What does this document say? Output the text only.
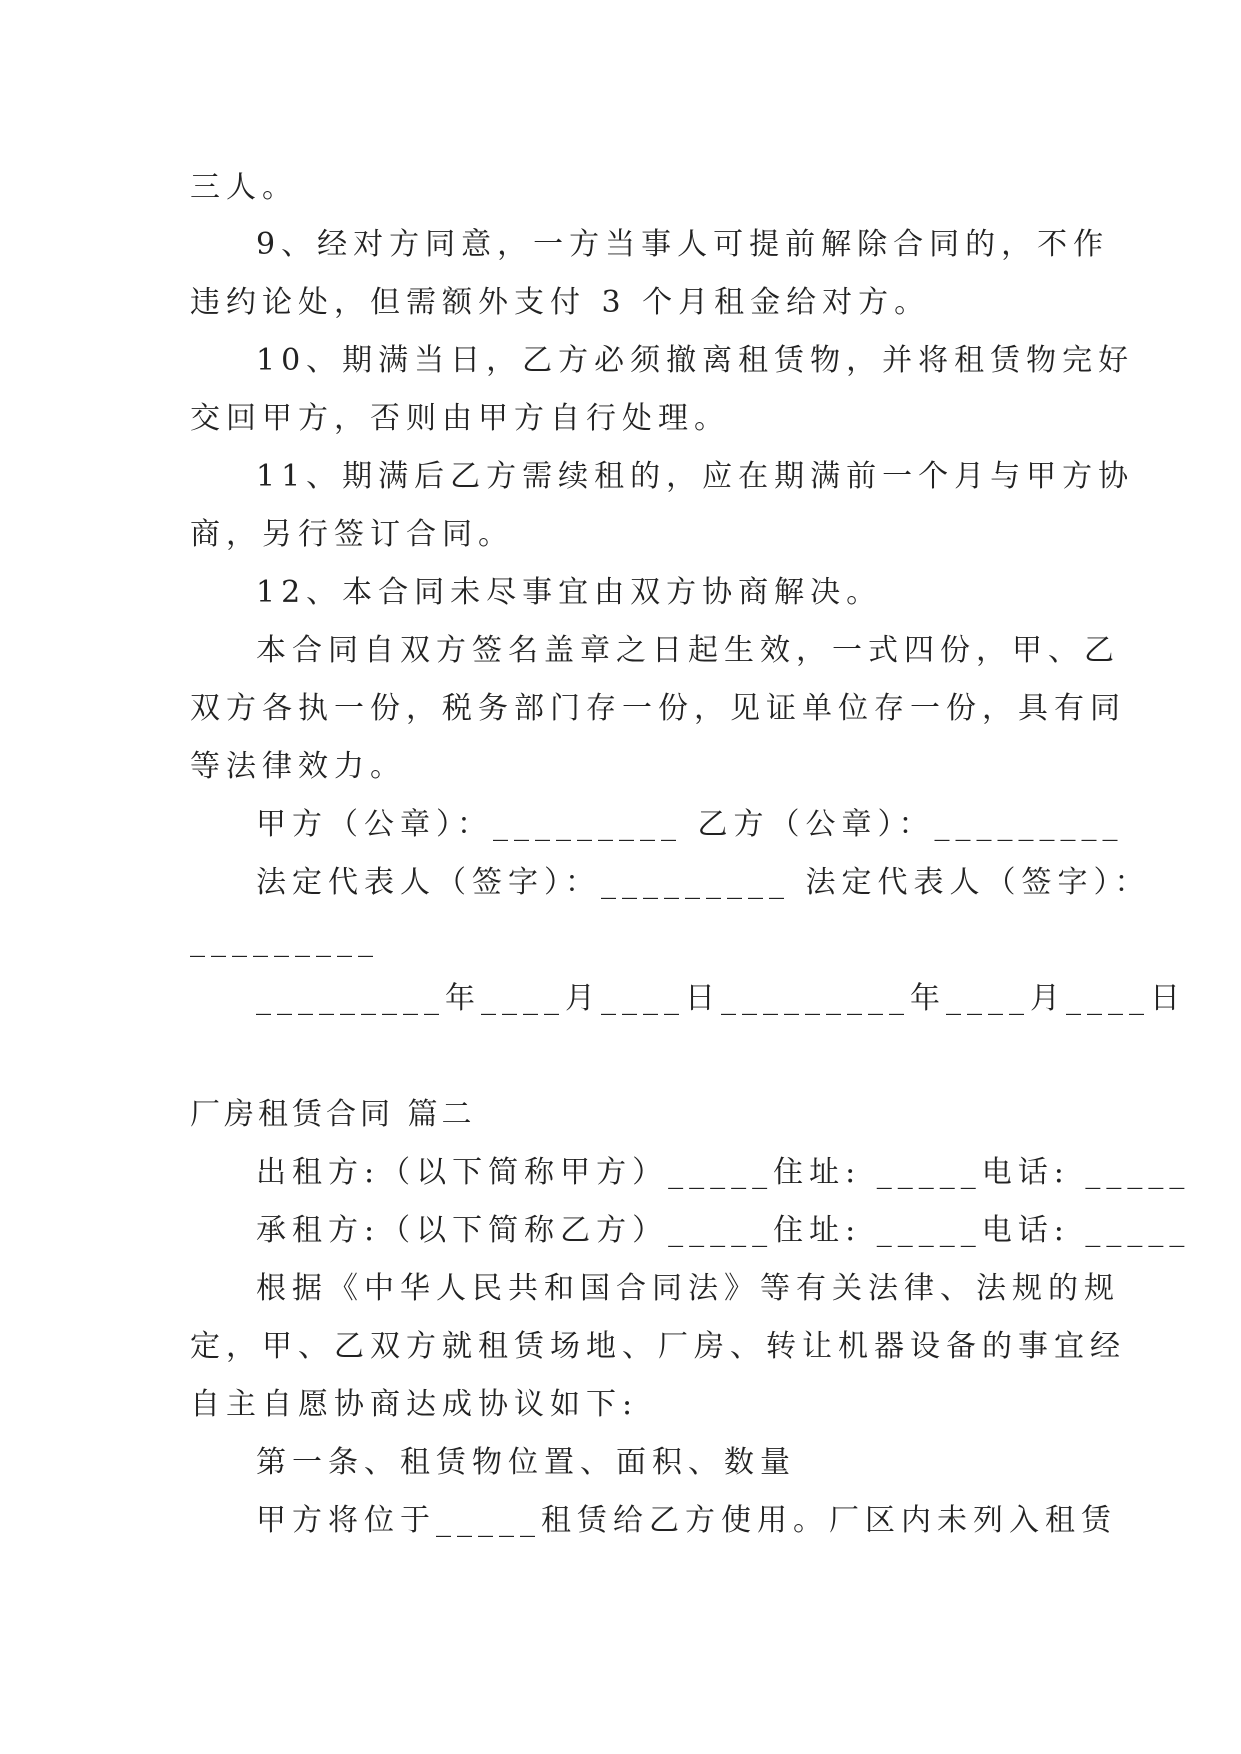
三人。
9、经对方同意，一方当事人可提前解除合同的，不作
违约论处，但需额外支付 3 个月租金给对方。
10、期满当日，乙方必须撤离租赁物，并将租赁物完好
交回甲方，否则由甲方自行处理。
11、期满后乙方需续租的，应在期满前一个月与甲方协
商，另行签订合同。
12、本合同未尽事宜由双方协商解决。
本合同自双方签名盖章之日起生效，一式四份，甲、乙
双方各执一份，税务部门存一份，见证单位存一份，具有同
等法律效力。
甲方（公章）：_________ 乙方（公章）：_________
法定代表人（签字）：_________ 法定代表人（签字）：
_________
_________年____月____日_________年____月____日
厂房租赁合同 篇二
出租方:（以下简称甲方）_____住址: _____电话: _____
承租方:（以下简称乙方）_____住址: _____电话: _____
根据《中华人民共和国合同法》等有关法律、法规的规
定，甲、乙双方就租赁场地、厂房、转让机器设备的事宜经
自主自愿协商达成协议如下:
第一条、租赁物位置、面积、数量
甲方将位于_____租赁给乙方使用。厂区内未列入租赁
